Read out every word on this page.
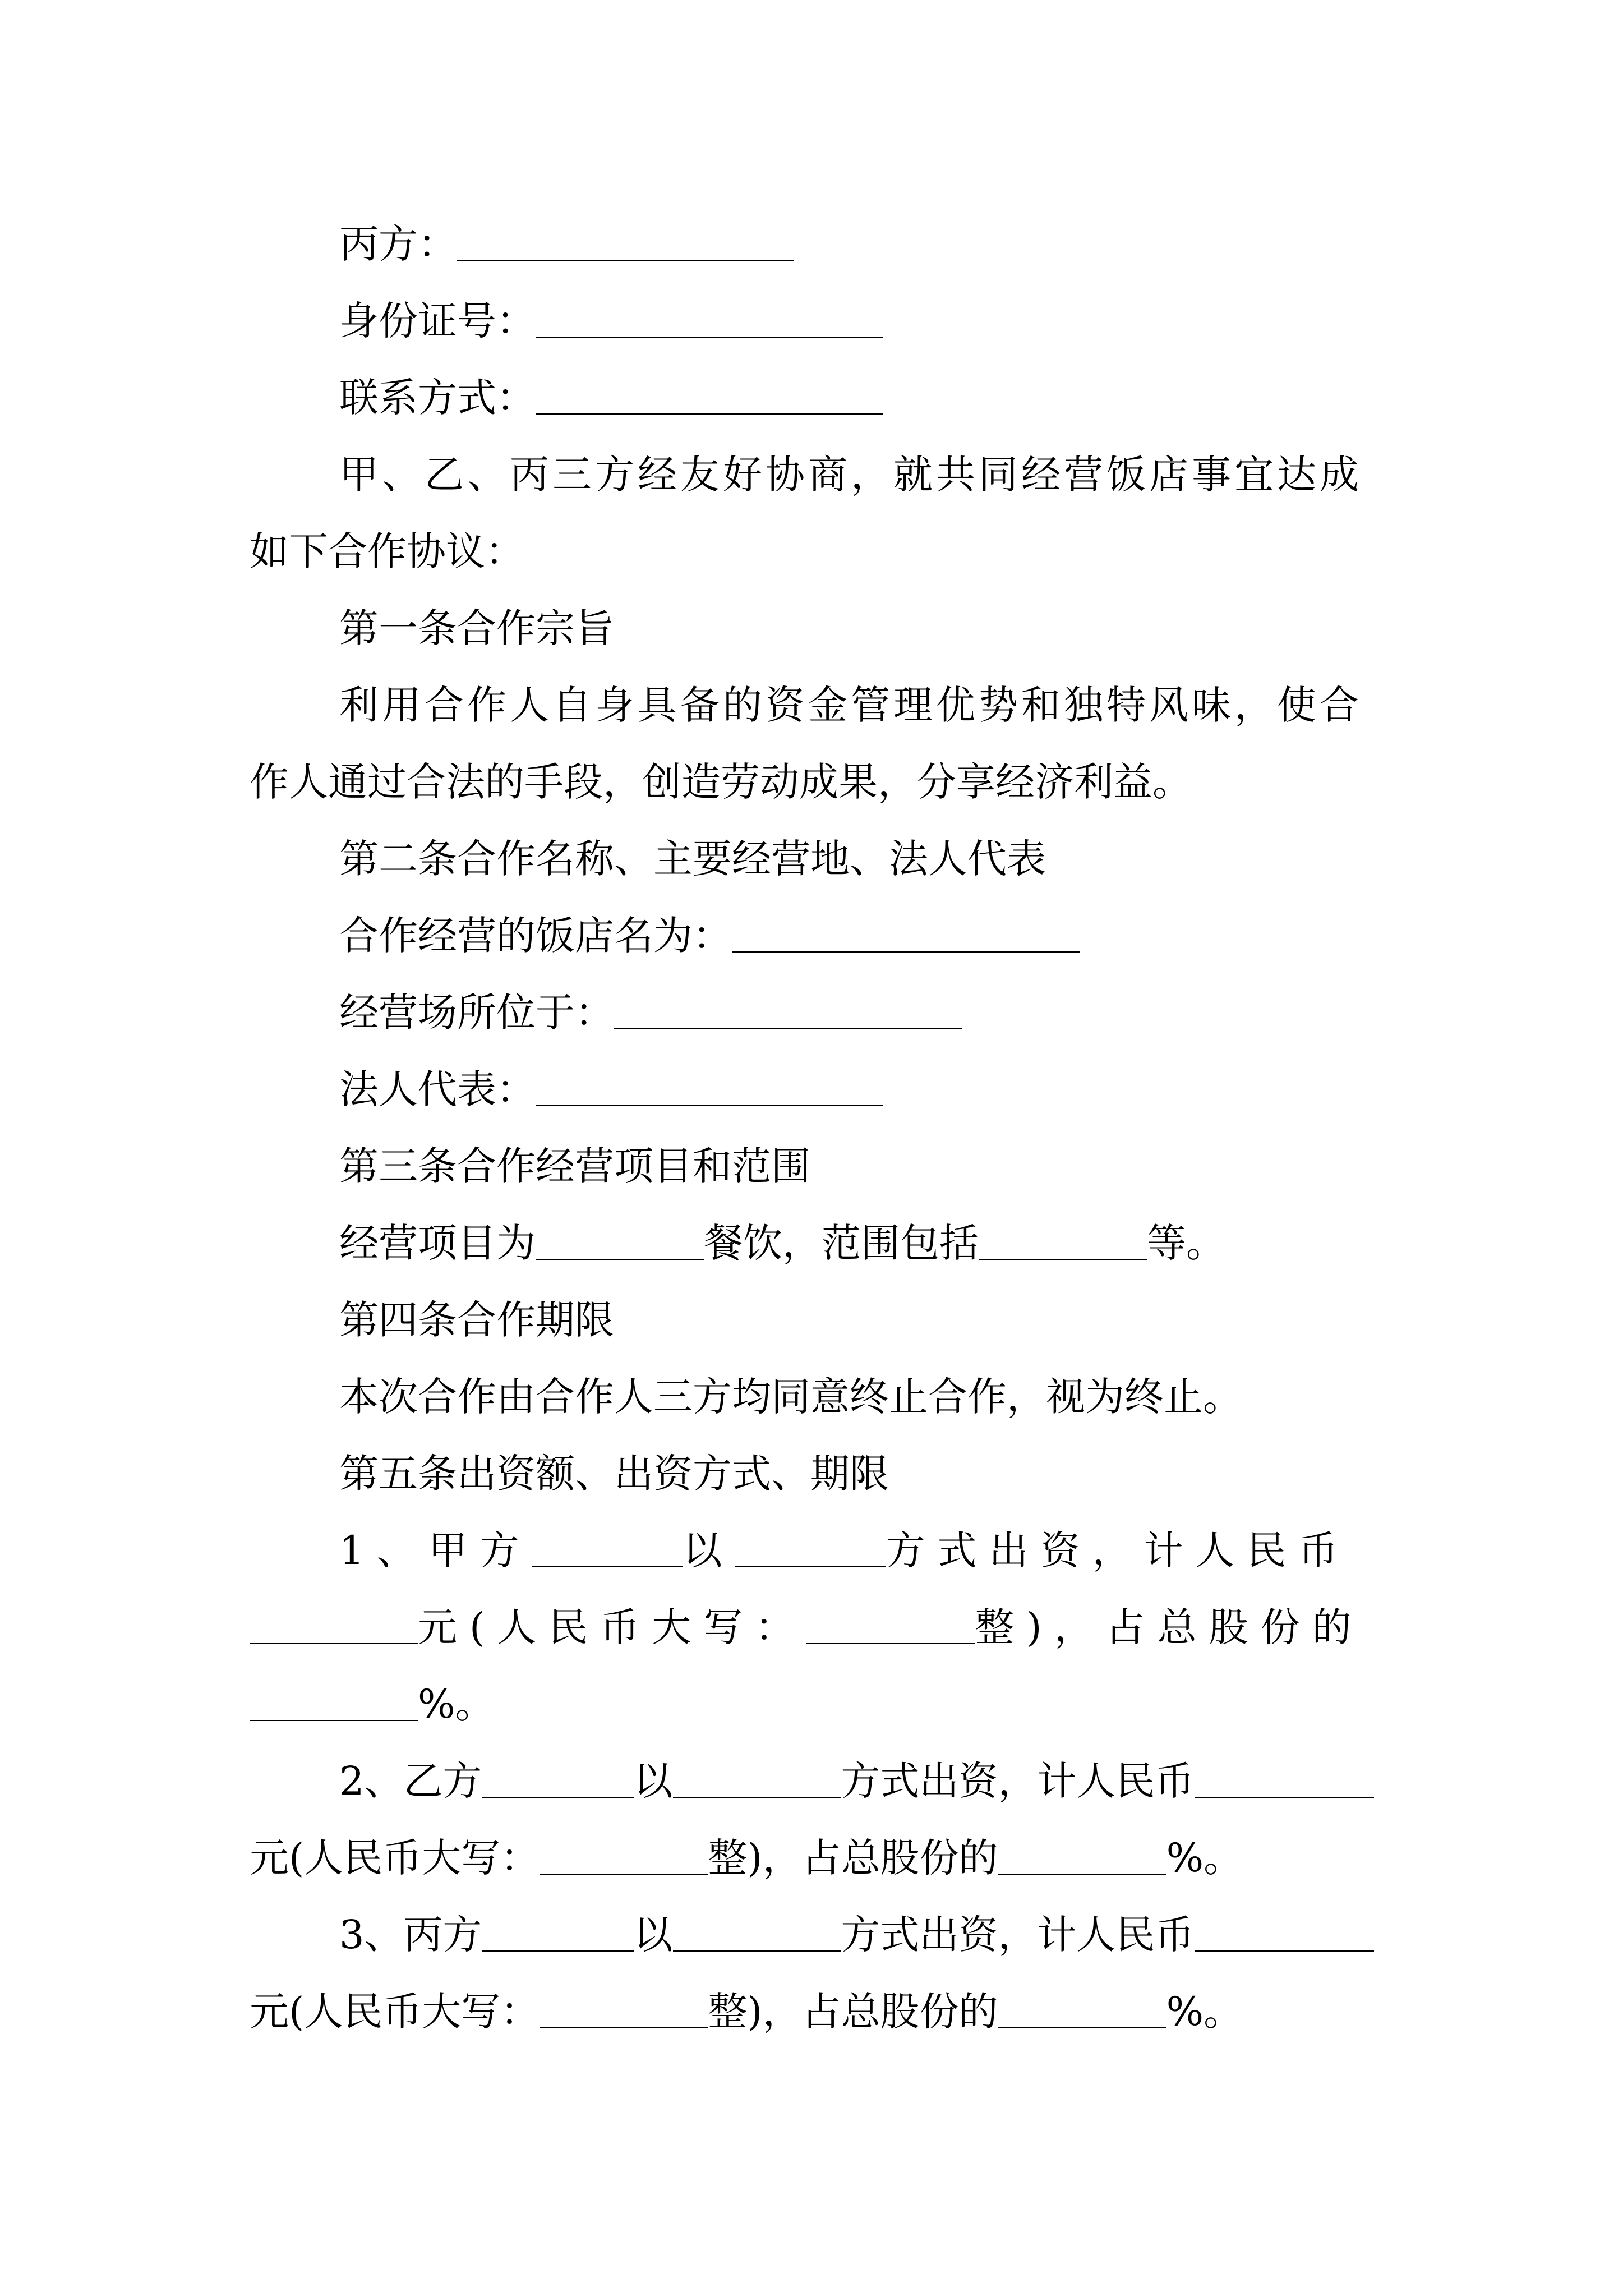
丙方：
身份证号：
联系方式：
甲、乙、丙三方经友好协商，就共同经营饭店事宜达成
如下合作协议：
第一条合作宗旨
利用合作人自身具备的资金管理优势和独特风味，使合
作人通过合法的手段，创造劳动成果，分享经济利益。
第二条合作名称、主要经营地、法人代表
合作经营的饭店名为：
经营场所位于：
法人代表：
第三条合作经营项目和范围
经营项目为	餐饮，范围包括	等。
第四条合作期限
本次合作由合作人三方均同意终止合作，视为终止。
第五条出资额、出资方式、期限
1、甲方	以	方式出资，计人民币
元(人民币大写：	整)，占总股份的
%。
2、乙方	以	方式出资，计人民币
元(人民币大写：	整)，占总股份的	%。
3、丙方	以	方式出资，计人民币
元(人民币大写：	整)，占总股份的	%。
